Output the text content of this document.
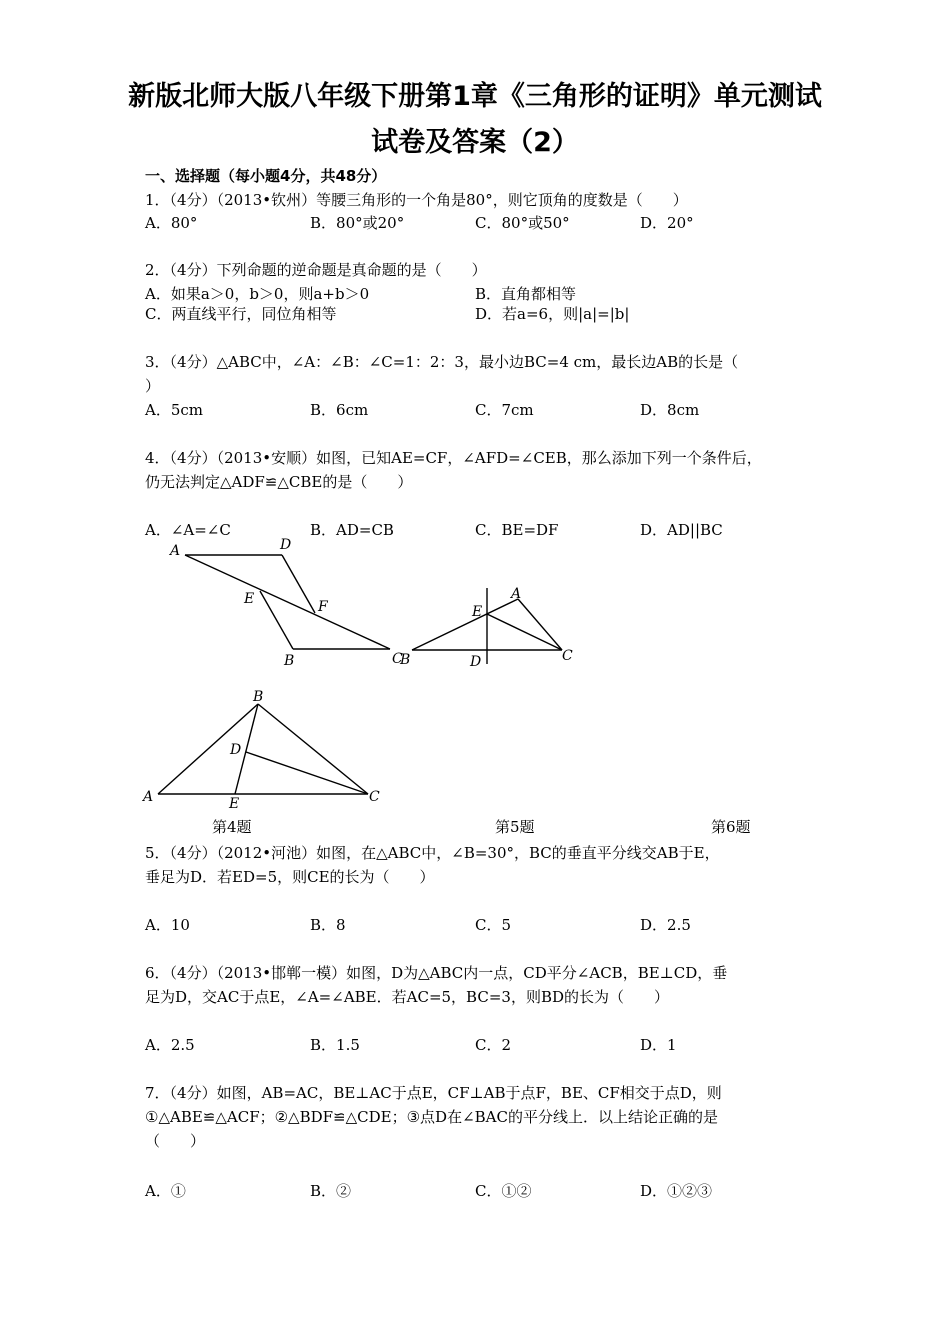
新版北师大版八年级下册第1章《三角形的证明》单元测试
试卷及答案（2）
一、选择题（每小题4分，共48分）
1．（4分）（2013•钦州）等腰三角形的一个角是80°，则它顶角的度数是（　　）
A．80°	B．80°或20°	C．80°或50°	D．20°
2．（4分）下列命题的逆命题是真命题的是（　　）
A．如果a＞0，b＞0，则a+b＞0	B．直角都相等
C．两直线平行，同位角相等	D．若a=6，则|a|=|b|
3．（4分）△ABC中，∠A：∠B：∠C=1：2：3，最小边BC=4 cm，最长边AB的长是（
）
A．5cm	B．6cm	C．7cm	D．8cm
4．（4分）（2013•安顺）如图，已知AE=CF，∠AFD=∠CEB，那么添加下列一个条件后，
仍无法判定△ADF≌△CBE的是（　　）
A．∠A=∠C	B．AD=CB	C．BE=DF	D．AD||BC
A	D
E	F
B	C
B
E
D
A
C
B
D
A	E	C
第4题	第5题	第6题
5．（4分）（2012•河池）如图，在△ABC中，∠B=30°，BC的垂直平分线交AB于E，
垂足为D．若ED=5，则CE的长为（　　）
A．10	B．8	C．5	D．2.5
6．（4分）（2013•邯郸一模）如图，D为△ABC内一点，CD平分∠ACB，BE⊥CD，垂
足为D，交AC于点E，∠A=∠ABE．若AC=5，BC=3，则BD的长为（　　）
A．2.5	B．1.5	C．2	D．1
7．（4分）如图，AB=AC，BE⊥AC于点E，CF⊥AB于点F，BE、CF相交于点D，则
①△ABE≌△ACF；②△BDF≌△CDE；③点D在∠BAC的平分线上．以上结论正确的是
（　　）
A．①	B．②	C．①②	D．①②③
